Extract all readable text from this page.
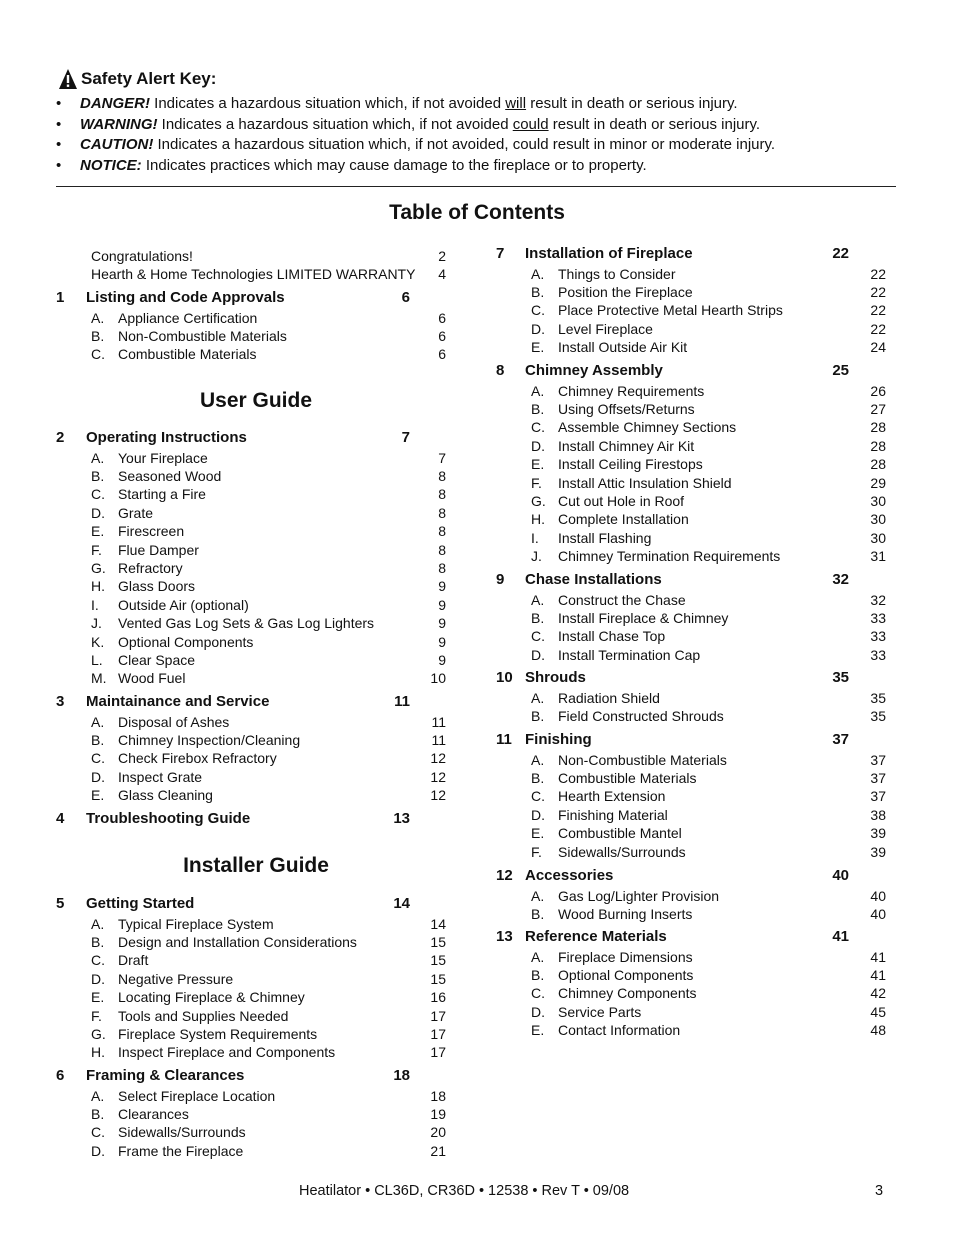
Safety Alert Key:
•	DANGER! Indicates a hazardous situation which, if not avoided will result in death or serious injury.
•	WARNING! Indicates a hazardous situation which, if not avoided could result in death or serious injury.
•	CAUTION! Indicates a hazardous situation which, if not avoided, could result in minor or moderate injury.
•	NOTICE: Indicates practices which may cause damage to the fireplace or to property.
Table of Contents
Congratulations!	2
Hearth & Home Technologies LIMITED WARRANTY	4
1 Listing and Code Approvals	6
A. Appliance Certification	6
B. Non-Combustible Materials	6
C. Combustible Materials	6
2 Operating Instructions	7
A. Your Fireplace	7
B. Seasoned Wood	8
C. Starting a Fire	8
D. Grate	8
E. Firescreen	8
F. Flue Damper	8
G. Refractory	8
H. Glass Doors	9
I. Outside Air (optional)	9
J. Vented Gas Log Sets & Gas Log Lighters	9
K. Optional Components	9
L. Clear Space	9
M. Wood Fuel	10
3 Maintainance and Service	11
A. Disposal of Ashes	11
B. Chimney Inspection/Cleaning	11
C. Check Firebox Refractory	12
D. Inspect Grate	12
E. Glass Cleaning	12
4 Troubleshooting Guide	13
5 Getting Started	14
A. Typical Fireplace System	14
B. Design and Installation Considerations	15
C. Draft	15
D. Negative Pressure	15
E. Locating Fireplace & Chimney	16
F. Tools and Supplies Needed	17
G. Fireplace System Requirements	17
H. Inspect Fireplace and Components	17
6 Framing & Clearances	18
A. Select Fireplace Location	18
B. Clearances	19
C. Sidewalls/Surrounds	20
D. Frame the Fireplace	21
User Guide
Installer Guide
7 Installation of Fireplace	22
A. Things to Consider	22
B. Position the Fireplace	22
C. Place Protective Metal Hearth Strips	22
D. Level Fireplace	22
E. Install Outside Air Kit	24
8 Chimney Assembly	25
A. Chimney Requirements	26
B. Using Offsets/Returns	27
C. Assemble Chimney Sections	28
D. Install Chimney Air Kit	28
E. Install Ceiling Firestops	28
F. Install Attic Insulation Shield	29
G. Cut out Hole in Roof	30
H. Complete Installation	30
I. Install Flashing	30
J. Chimney Termination Requirements	31
9 Chase Installations	32
A. Construct the Chase	32
B. Install Fireplace & Chimney	33
C. Install Chase Top	33
D. Install Termination Cap	33
10 Shrouds	35
A. Radiation Shield	35
B. Field Constructed Shrouds	35
11 Finishing	37
A. Non-Combustible Materials	37
B. Combustible Materials	37
C. Hearth Extension	37
D. Finishing Material	38
E. Combustible Mantel	39
F. Sidewalls/Surrounds	39
12 Accessories	40
A. Gas Log/Lighter Provision	40
B. Wood Burning Inserts	40
13 Reference Materials	41
A. Fireplace Dimensions	41
B. Optional Components	41
C. Chimney Components	42
D. Service Parts	45
E. Contact Information	48
Heatilator • CL36D, CR36D • 12538 • Rev T • 09/08	3
